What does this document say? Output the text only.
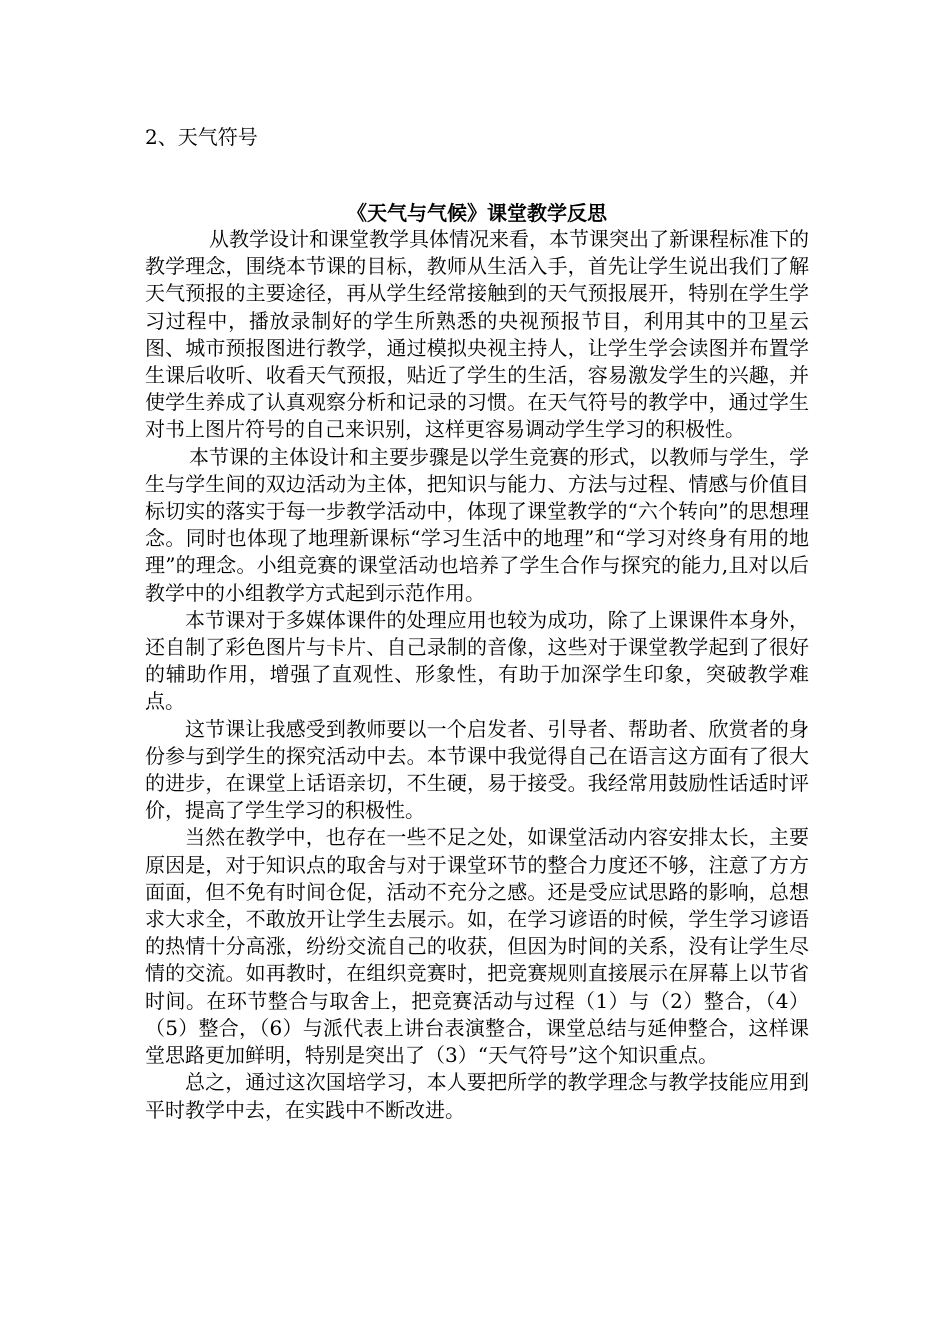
2、天气符号

《天气与气候》课堂教学反思

从教学设计和课堂教学具体情况来看，本节课突出了新课程标准下的教学理念，围绕本节课的目标，教师从生活入手，首先让学生说出我们了解天气预报的主要途径，再从学生经常接触到的天气预报展开，特别在学生学习过程中，播放录制好的学生所熟悉的央视预报节目，利用其中的卫星云图、城市预报图进行教学，通过模拟央视主持人，让学生学会读图并布置学生课后收听、收看天气预报，贴近了学生的生活，容易激发学生的兴趣，并使学生养成了认真观察分析和记录的习惯。在天气符号的教学中，通过学生对书上图片符号的自己来识别，这样更容易调动学生学习的积极性。

本节课的主体设计和主要步骤是以学生竞赛的形式，以教师与学生，学生与学生间的双边活动为主体，把知识与能力、方法与过程、情感与价值目标切实的落实于每一步教学活动中，体现了课堂教学的“六个转向”的思想理念。同时也体现了地理新课标“学习生活中的地理”和“学习对终身有用的地理”的理念。小组竞赛的课堂活动也培养了学生合作与探究的能力,且对以后教学中的小组教学方式起到示范作用。

本节课对于多媒体课件的处理应用也较为成功，除了上课课件本身外，还自制了彩色图片与卡片、自己录制的音像，这些对于课堂教学起到了很好的辅助作用，增强了直观性、形象性，有助于加深学生印象，突破教学难点。

这节课让我感受到教师要以一个启发者、引导者、帮助者、欣赏者的身份参与到学生的探究活动中去。本节课中我觉得自己在语言这方面有了很大的进步，在课堂上话语亲切，不生硬，易于接受。我经常用鼓励性话适时评价，提高了学生学习的积极性。

当然在教学中，也存在一些不足之处，如课堂活动内容安排太长，主要原因是，对于知识点的取舍与对于课堂环节的整合力度还不够，注意了方方面面，但不免有时间仓促，活动不充分之感。还是受应试思路的影响，总想求大求全，不敢放开让学生去展示。如，在学习谚语的时候，学生学习谚语的热情十分高涨，纷纷交流自己的收获，但因为时间的关系，没有让学生尽情的交流。如再教时，在组织竞赛时，把竞赛规则直接展示在屏幕上以节省时间。在环节整合与取舍上，把竞赛活动与过程（1）与（2）整合，（4）（5）整合，（6）与派代表上讲台表演整合，课堂总结与延伸整合，这样课堂思路更加鲜明，特别是突出了（3）“天气符号”这个知识重点。

总之，通过这次国培学习，本人要把所学的教学理念与教学技能应用到平时教学中去，在实践中不断改进。
